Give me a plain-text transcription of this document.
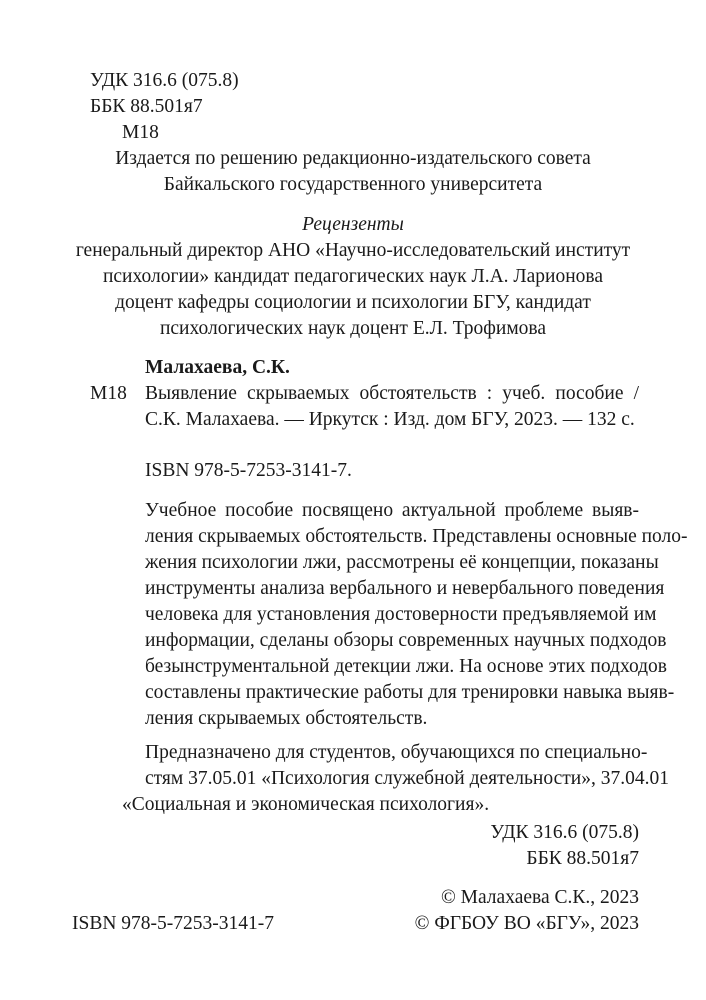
УДК 316.6 (075.8)
ББК 88.501я7
М18
Издается по решению редакционно-издательского совета
Байкальского государственного университета
Рецензенты
генеральный директор АНО «Научно-исследовательский институт
психологии» кандидат педагогических наук Л.А. Ларионова
доцент кафедры социологии и психологии БГУ, кандидат
психологических наук доцент Е.Л. Трофимова
Малахаева, С.К.
М18 Выявление скрываемых обстоятельств : учеб. пособие /
С.К. Малахаева. — Иркутск : Изд. дом БГУ, 2023. — 132 с.
ISBN 978-5-7253-3141-7.
Учебное пособие посвящено актуальной проблеме выяв-
ления скрываемых обстоятельств. Представлены основные поло-
жения психологии лжи, рассмотрены её концепции, показаны
инструменты анализа вербального и невербального поведения
человека для установления достоверности предъявляемой им
информации, сделаны обзоры современных научных подходов
безынструментальной детекции лжи. На основе этих подходов
составлены практические работы для тренировки навыка выяв-
ления скрываемых обстоятельств.
Предназначено для студентов, обучающихся по специально-
стям 37.05.01 «Психология служебной деятельности», 37.04.01
«Социальная и экономическая психология».
УДК 316.6 (075.8)
ББК 88.501я7
© Малахаева С.К., 2023
ISBN 978-5-7253-3141-7	© ФГБОУ ВО «БГУ», 2023
